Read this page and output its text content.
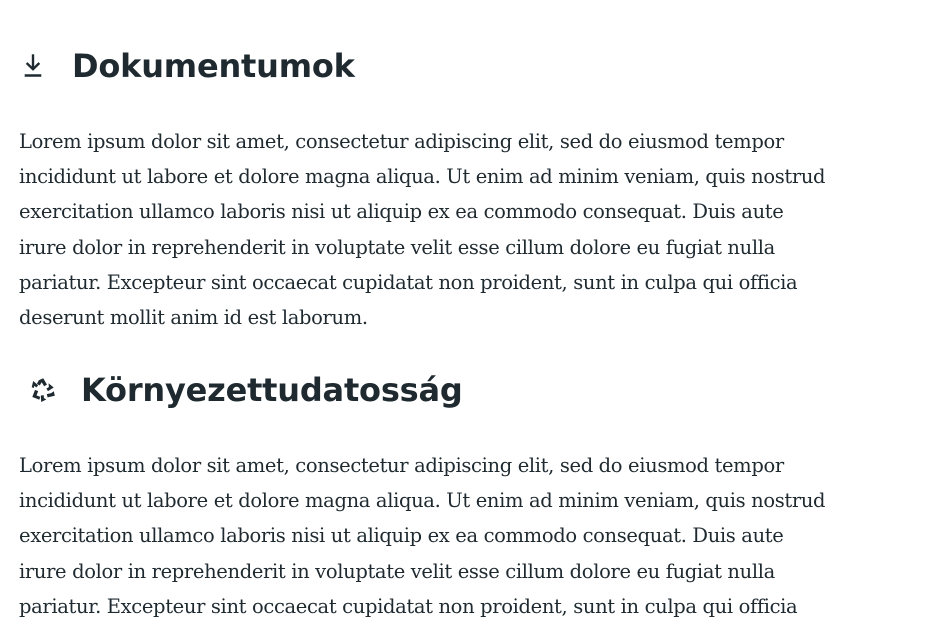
Dokumentumok

Lorem ipsum dolor sit amet, consectetur adipiscing elit, sed do eiusmod tempor
incididunt ut labore et dolore magna aliqua. Ut enim ad minim veniam, quis nostrud
exercitation ullamco laboris nisi ut aliquip ex ea commodo consequat. Duis aute
irure dolor in reprehenderit in voluptate velit esse cillum dolore eu fugiat nulla
pariatur. Excepteur sint occaecat cupidatat non proident, sunt in culpa qui officia
deserunt mollit anim id est laborum.

Környezettudatosság

Lorem ipsum dolor sit amet, consectetur adipiscing elit, sed do eiusmod tempor
incididunt ut labore et dolore magna aliqua. Ut enim ad minim veniam, quis nostrud
exercitation ullamco laboris nisi ut aliquip ex ea commodo consequat. Duis aute
irure dolor in reprehenderit in voluptate velit esse cillum dolore eu fugiat nulla
pariatur. Excepteur sint occaecat cupidatat non proident, sunt in culpa qui officia
